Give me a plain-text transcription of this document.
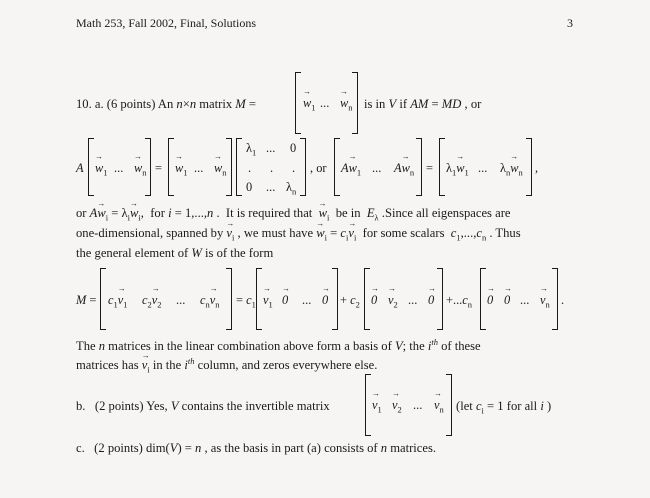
Math 253, Fall 2002, Final, Solutions	3
10. a. (6 points) An n×n matrix M =
→	$w_1$ ...
→ $w_n$ is in V if AM = MD , or
A
→ $w_1$ ...
→ $w_n$ =
→ $w_1$ ...
→ $w_n$
$\lambda_1$ ... 0
. . .
0 ... $\lambda_n$
, or $A\to w_1$ ... $A\to w_n = \lambda_1\to w_1$ ... $\lambda_n\to w_n$ ,
or $A\to w_i = \lambda_i\to w_i$,  for i = 1,...,n .  It is required that  → $w_i$  be in  $E_\lambda$ .Since all eigenspaces are
one-dimensional, spanned by → $v_i$ , we must have → $w_i = c_i\to v_i$  for some scalars  $c_1,...,c_n$ . Thus
the general element of W is of the form
$M = c_1\to v_1$ $c_2\to v_2$ ... $c_n\to v_n = c_1$
→ $v_1$
→ 0 ...
→ $0 + c_2$
→ 0
→ $v_2$ ...
→ $0 +...c_n$
→ 0
→ 0 ...
→ $v_n$ .
The n matrices in the linear combination above form a basis of V; the $i^{th}$ of these
matrices has → $v_i$ in the $i^{th}$ column, and zeros everywhere else.
b.   (2 points) Yes, V contains the invertible matrix
→	$v_1$
→ $v_2$ ...
→ $v_n$ (let $c_i = 1$ for all i )
c.   (2 points) dim(V) = n , as the basis in part (a) consists of n matrices.
